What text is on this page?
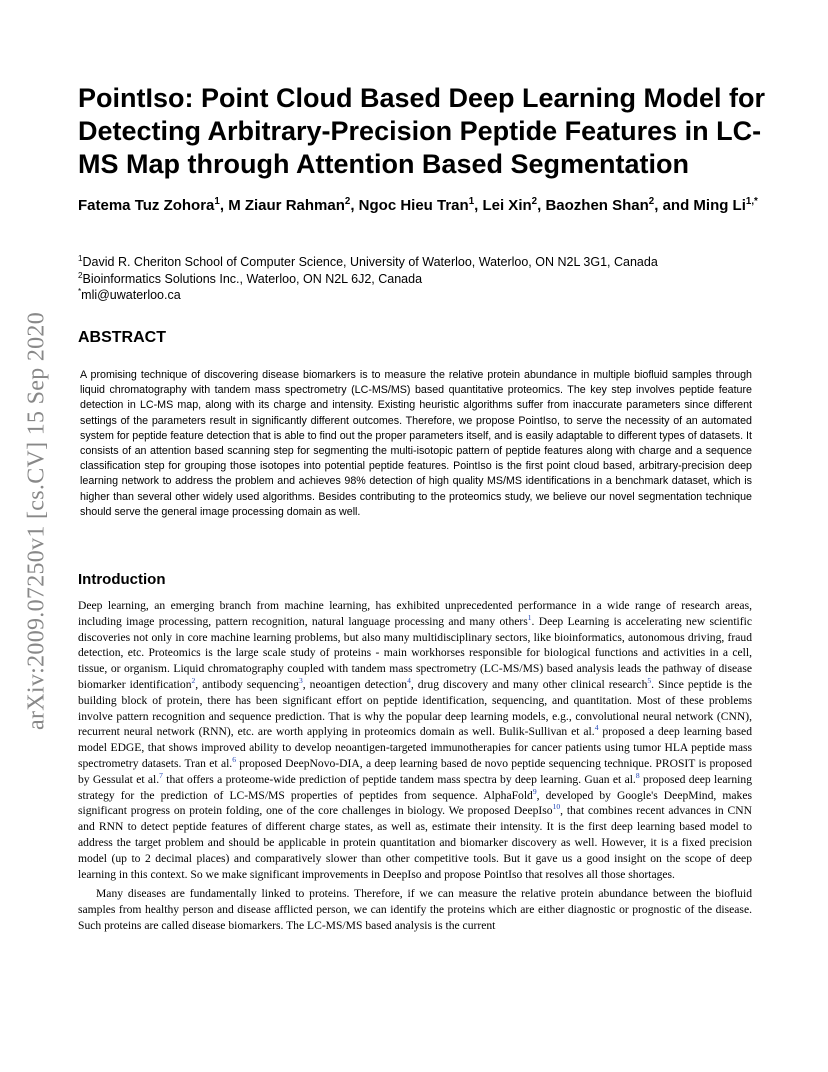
arXiv:2009.07250v1 [cs.CV] 15 Sep 2020
PointIso: Point Cloud Based Deep Learning Model for Detecting Arbitrary-Precision Peptide Features in LC-MS Map through Attention Based Segmentation
Fatema Tuz Zohora$^1$, M Ziaur Rahman$^2$, Ngoc Hieu Tran$^1$, Lei Xin$^2$, Baozhen Shan$^2$, and Ming $Li^{1,*}$
$^1$David R. Cheriton School of Computer Science, University of Waterloo, Waterloo, ON N2L 3G1, Canada
$^2$Bioinformatics Solutions Inc., Waterloo, ON N2L 6J2, Canada
*mli@uwaterloo.ca
ABSTRACT
A promising technique of discovering disease biomarkers is to measure the relative protein abundance in multiple biofluid samples through liquid chromatography with tandem mass spectrometry (LC-MS/MS) based quantitative proteomics. The key step involves peptide feature detection in LC-MS map, along with its charge and intensity. Existing heuristic algorithms suffer from inaccurate parameters since different settings of the parameters result in significantly different outcomes. Therefore, we propose PointIso, to serve the necessity of an automated system for peptide feature detection that is able to find out the proper parameters itself, and is easily adaptable to different types of datasets. It consists of an attention based scanning step for segmenting the multi-isotopic pattern of peptide features along with charge and a sequence classification step for grouping those isotopes into potential peptide features. PointIso is the first point cloud based, arbitrary-precision deep learning network to address the problem and achieves 98% detection of high quality MS/MS identifications in a benchmark dataset, which is higher than several other widely used algorithms. Besides contributing to the proteomics study, we believe our novel segmentation technique should serve the general image processing domain as well.
Introduction

Deep learning, an emerging branch from machine learning, has exhibited unprecedented performance in a wide range of research areas, including image processing, pattern recognition, natural language processing and many others$^1$. Deep Learning is accelerating new scientific discoveries not only in core machine learning problems, but also many multidisciplinary sectors, like bioinformatics, autonomous driving, fraud detection, etc. Proteomics is the large scale study of proteins - main workhorses responsible for biological functions and activities in a cell, tissue, or organism. Liquid chromatography coupled with tandem mass spectrometry (LC-MS/MS) based analysis leads the pathway of disease biomarker identification$^2$, antibody sequencing$^3$, neoantigen detection$^4$, drug discovery and many other clinical research$^5$. Since peptide is the building block of protein, there has been significant effort on peptide identification, sequencing, and quantitation. Most of these problems involve pattern recognition and sequence prediction. That is why the popular deep learning models, e.g., convolutional neural network (CNN), recurrent neural network (RNN), etc. are worth applying in proteomics domain as well. Bulik-Sullivan et al.$^4$ proposed a deep learning based model EDGE, that shows improved ability to develop neoantigen-targeted immunotherapies for cancer patients using tumor HLA peptide mass spectrometry datasets. Tran et al.$^6$ proposed DeepNovo-DIA, a deep learning based de novo peptide sequencing technique. PROSIT is proposed by Gessulat et al.$^7$ that offers a proteome-wide prediction of peptide tandem mass spectra by deep learning. Guan et al.$^8$ proposed deep learning strategy for the prediction of LC-MS/MS properties of peptides from sequence. AlphaFold$^9$, developed by Google's DeepMind, makes significant progress on protein folding, one of the core challenges in biology. We proposed DeepIso$^{10}$, that combines recent advances in CNN and RNN to detect peptide features of different charge states, as well as, estimate their intensity. It is the first deep learning based model to address the target problem and should be applicable in protein quantitation and biomarker discovery as well. However, it is a fixed precision model (up to 2 decimal places) and comparatively slower than other competitive tools. But it gave us a good insight on the scope of deep learning in this context. So we make significant improvements in DeepIso and propose PointIso that resolves all those shortages.

Many diseases are fundamentally linked to proteins. Therefore, if we can measure the relative protein abundance between the biofluid samples from healthy person and disease afflicted person, we can identify the proteins which are either diagnostic or prognostic of the disease. Such proteins are called disease biomarkers. The LC-MS/MS based analysis is the current
